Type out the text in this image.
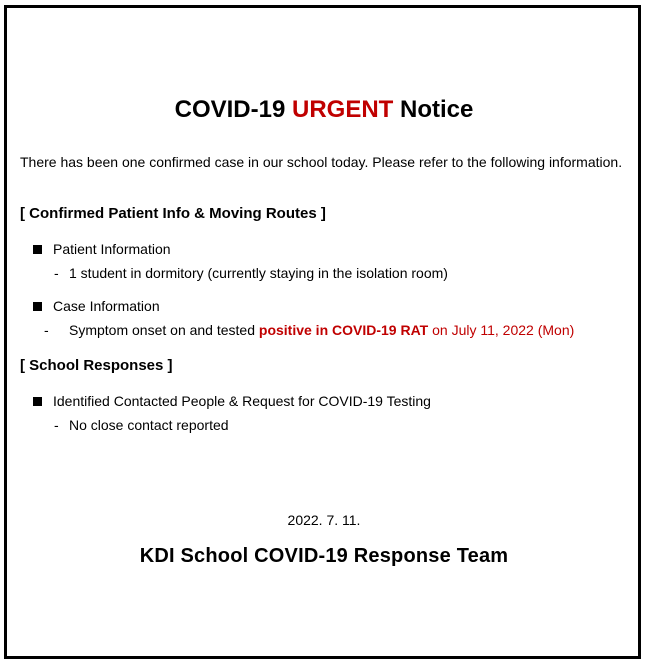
COVID-19 URGENT Notice
There has been one confirmed case in our school today. Please refer to the following information.
[ Confirmed Patient Info & Moving Routes ]
Patient Information
- 1 student in dormitory (currently staying in the isolation room)
Case Information
- Symptom onset on and tested positive in COVID-19 RAT on July 11, 2022 (Mon)
[ School Responses ]
Identified Contacted People & Request for COVID-19 Testing
- No close contact reported
2022. 7. 11.
KDI School COVID-19 Response Team
